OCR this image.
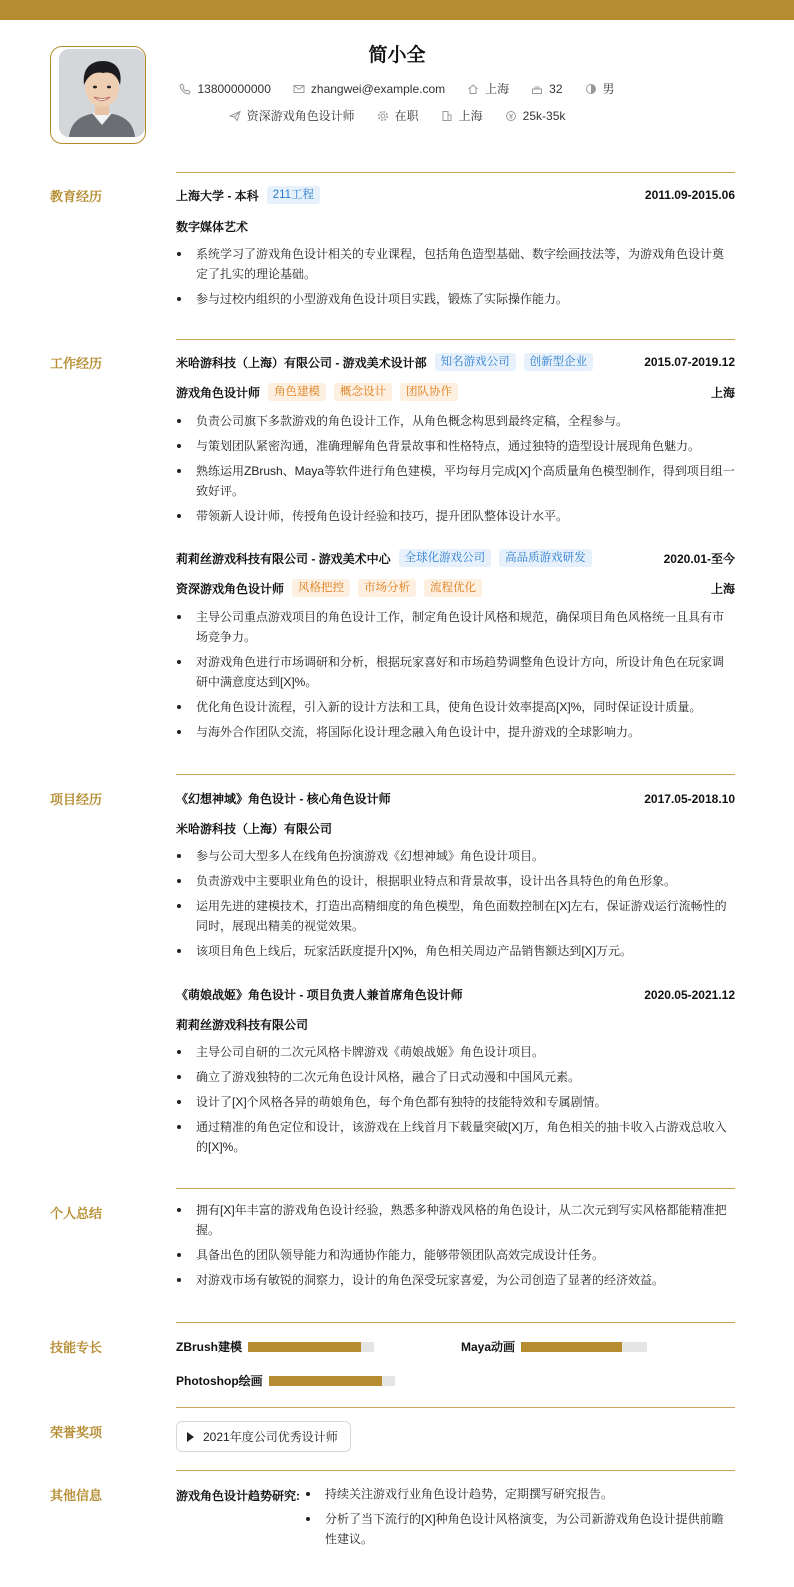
简小全
13800000000	zhangwei@example.com	上海	32	男
资深游戏角色设计师	在职	上海	25k-35k
教育经历	上海大学 - 本科	211工程	2011.09-2015.06
数字媒体艺术
系统学习了游戏角色设计相关的专业课程，包括角色造型基础、数字绘画技法等，为游戏角色设计奠定了扎实的理论基础。
参与过校内组织的小型游戏角色设计项目实践，锻炼了实际操作能力。
工作经历	米哈游科技（上海）有限公司 - 游戏美术设计部	知名游戏公司	创新型企业	2015.07-2019.12
游戏角色设计师	角色建模	概念设计	团队协作	上海
负责公司旗下多款游戏的角色设计工作，从角色概念构思到最终定稿，全程参与。
与策划团队紧密沟通，准确理解角色背景故事和性格特点，通过独特的造型设计展现角色魅力。
熟练运用ZBrush、Maya等软件进行角色建模，平均每月完成[X]个高质量角色模型制作，得到项目组一致好评。
带领新人设计师，传授角色设计经验和技巧，提升团队整体设计水平。
莉莉丝游戏科技有限公司 - 游戏美术中心	全球化游戏公司	高品质游戏研发	2020.01-至今
资深游戏角色设计师	风格把控	市场分析	流程优化	上海
主导公司重点游戏项目的角色设计工作，制定角色设计风格和规范，确保项目角色风格统一且具有市场竞争力。
对游戏角色进行市场调研和分析，根据玩家喜好和市场趋势调整角色设计方向，所设计角色在玩家调研中满意度达到[X]%。
优化角色设计流程，引入新的设计方法和工具，使角色设计效率提高[X]%，同时保证设计质量。
与海外合作团队交流，将国际化设计理念融入角色设计中，提升游戏的全球影响力。
项目经历	《幻想神域》角色设计 - 核心角色设计师	2017.05-2018.10
米哈游科技（上海）有限公司
参与公司大型多人在线角色扮演游戏《幻想神域》角色设计项目。
负责游戏中主要职业角色的设计，根据职业特点和背景故事，设计出各具特色的角色形象。
运用先进的建模技术，打造出高精细度的角色模型，角色面数控制在[X]左右，保证游戏运行流畅性的同时，展现出精美的视觉效果。
该项目角色上线后，玩家活跃度提升[X]%，角色相关周边产品销售额达到[X]万元。
《萌娘战姬》角色设计 - 项目负责人兼首席角色设计师	2020.05-2021.12
莉莉丝游戏科技有限公司
主导公司自研的二次元风格卡牌游戏《萌娘战姬》角色设计项目。
确立了游戏独特的二次元角色设计风格，融合了日式动漫和中国风元素。
设计了[X]个风格各异的萌娘角色，每个角色都有独特的技能特效和专属剧情。
通过精准的角色定位和设计，该游戏在上线首月下载量突破[X]万，角色相关的抽卡收入占游戏总收入的[X]%。
个人总结	拥有[X]年丰富的游戏角色设计经验，熟悉多种游戏风格的角色设计，从二次元到写实风格都能精准把握。
具备出色的团队领导能力和沟通协作能力，能够带领团队高效完成设计任务。
对游戏市场有敏锐的洞察力，设计的角色深受玩家喜爱，为公司创造了显著的经济效益。
技能专长	ZBrush建模	Maya动画
Photoshop绘画
荣誉奖项	2021年度公司优秀设计师
其他信息	游戏角色设计趋势研究:	持续关注游戏行业角色设计趋势，定期撰写研究报告。
分析了当下流行的[X]种角色设计风格演变，为公司新游戏角色设计提供前瞻性建议。
